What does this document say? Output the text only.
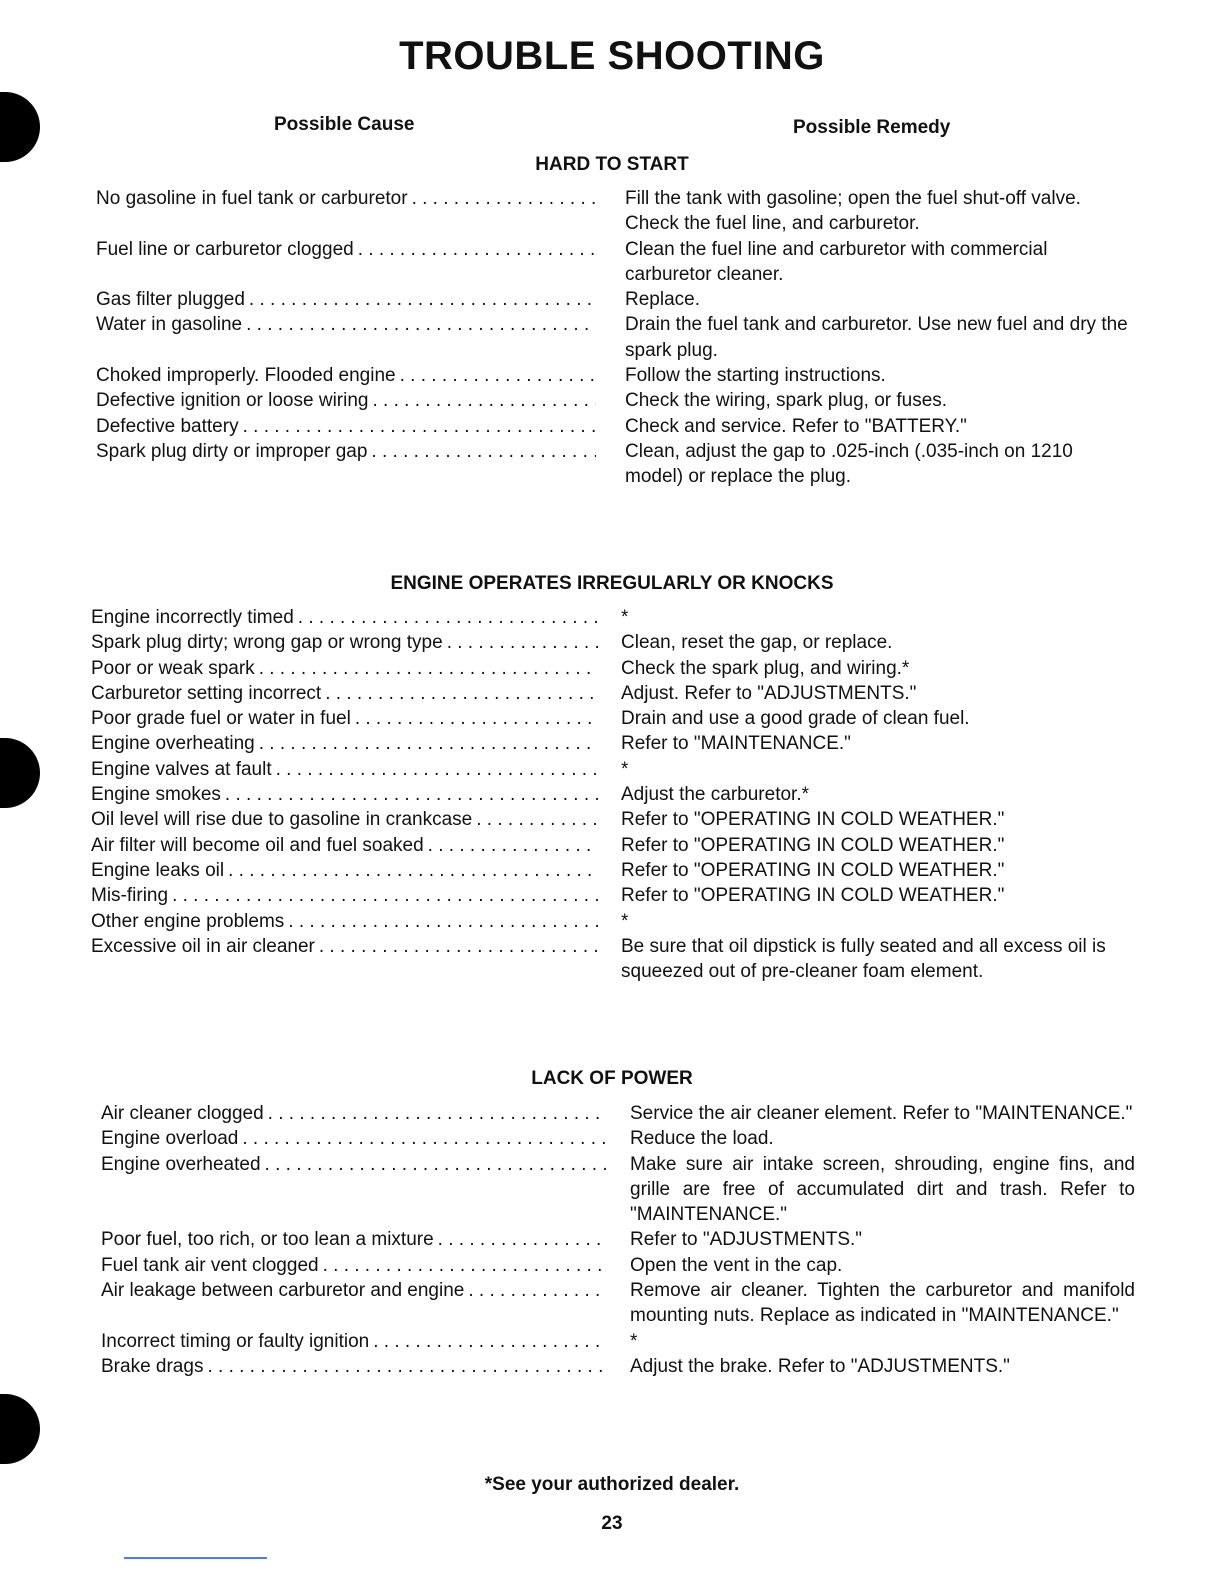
TROUBLE SHOOTING
Possible Cause	Possible Remedy
HARD TO START
No gasoline in fuel tank or carburetor . . .	Fill the tank with gasoline; open the fuel shut-off valve. Check the fuel line, and carburetor.
Fuel line or carburetor clogged . . .	Clean the fuel line and carburetor with commercial carburetor cleaner.
Gas filter plugged . . .	Replace.
Water in gasoline . . .	Drain the fuel tank and carburetor. Use new fuel and dry the spark plug.
Choked improperly. Flooded engine . . .	Follow the starting instructions.
Defective ignition or loose wiring . . .	Check the wiring, spark plug, or fuses.
Defective battery . . .	Check and service. Refer to "BATTERY."
Spark plug dirty or improper gap . . .	Clean, adjust the gap to .025-inch (.035-inch on 1210 model) or replace the plug.
ENGINE OPERATES IRREGULARLY OR KNOCKS
Engine incorrectly timed . . .	*
Spark plug dirty; wrong gap or wrong type . . .	Clean, reset the gap, or replace.
Poor or weak spark . . .	Check the spark plug, and wiring.*
Carburetor setting incorrect . . .	Adjust. Refer to "ADJUSTMENTS."
Poor grade fuel or water in fuel . . .	Drain and use a good grade of clean fuel.
Engine overheating . . .	Refer to "MAINTENANCE."
Engine valves at fault . . .	*
Engine smokes . . .	Adjust the carburetor.*
Oil level will rise due to gasoline in crankcase . . .	Refer to "OPERATING IN COLD WEATHER."
Air filter will become oil and fuel soaked . . .	Refer to "OPERATING IN COLD WEATHER."
Engine leaks oil . . .	Refer to "OPERATING IN COLD WEATHER."
Mis-firing . . .	Refer to "OPERATING IN COLD WEATHER."
Other engine problems . . .	*
Excessive oil in air cleaner . . .	Be sure that oil dipstick is fully seated and all excess oil is squeezed out of pre-cleaner foam element.
LACK OF POWER
Air cleaner clogged . . .	Service the air cleaner element. Refer to "MAINTENANCE."
Engine overload . . .	Reduce the load.
Engine overheated . . .	Make sure air intake screen, shrouding, engine fins, and grille are free of accumulated dirt and trash. Refer to "MAINTENANCE."
Poor fuel, too rich, or too lean a mixture . . .	Refer to "ADJUSTMENTS."
Fuel tank air vent clogged . . .	Open the vent in the cap.
Air leakage between carburetor and engine . . .	Remove air cleaner. Tighten the carburetor and manifold mounting nuts. Replace as indicated in "MAINTENANCE."
Incorrect timing or faulty ignition . . .	*
Brake drags . . .	Adjust the brake. Refer to "ADJUSTMENTS."
*See your authorized dealer.
23
